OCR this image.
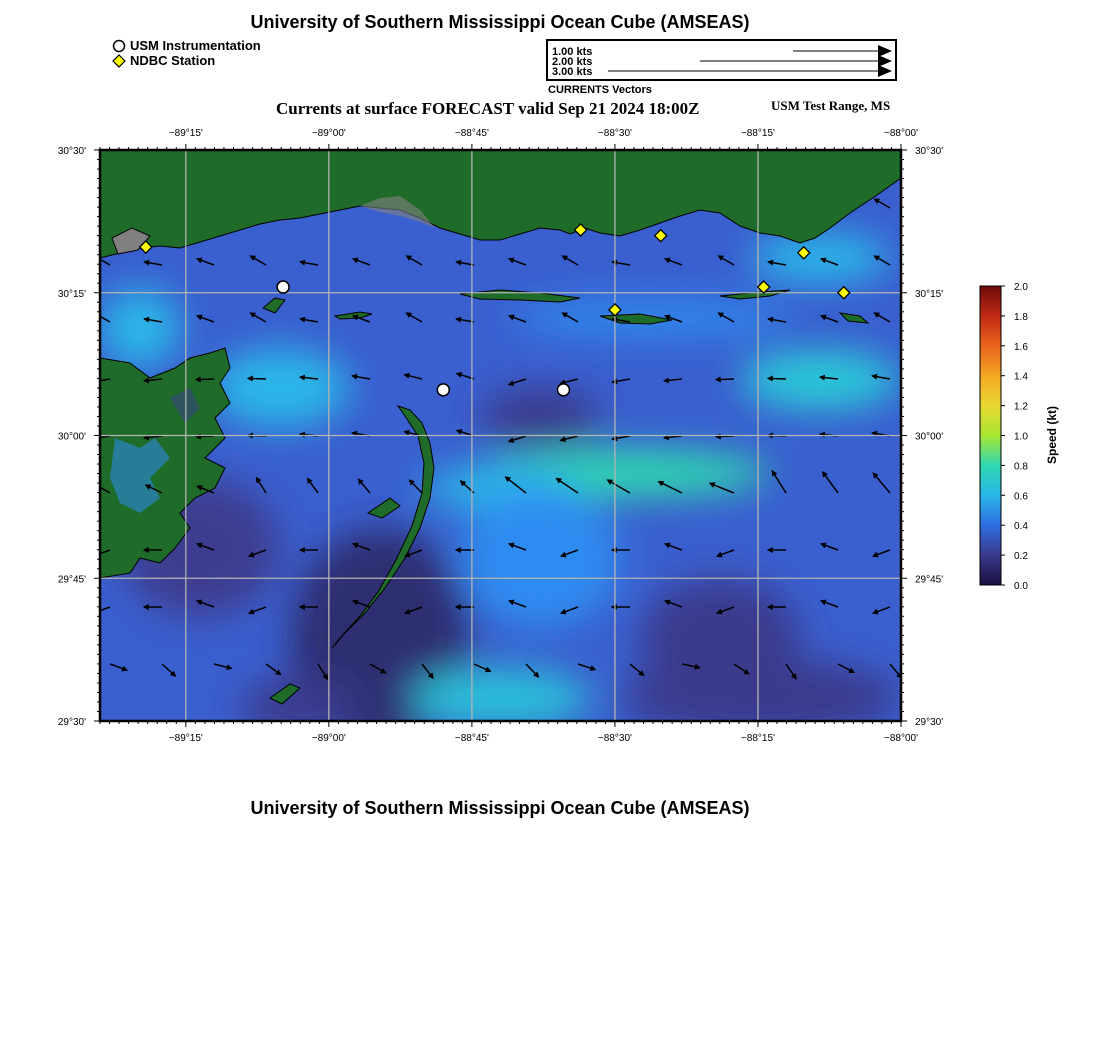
University of Southern Mississippi Ocean Cube (AMSEAS)
USM Instrumentation
NDBC Station
1.00 kts
2.00 kts
3.00 kts
CURRENTS Vectors
Currents at surface FORECAST valid Sep 21 2024 18:00Z	USM Test Range, MS
−89°15'
−89°15'
−89°00'
−89°00'
−88°45'
−88°45'
−88°30'
−88°30'
−88°15'
−88°15'
−88°00'
−88°00'
30°30'	30°30'
30°15'	30°15'
30°00'	30°00'
29°45'	29°45'
29°30'	29°30'
2.0
1.8
1.6
1.4
1.2
1.0
0.8
0.6
0.4
0.2
0.0
Speed (kt)
University of Southern Mississippi Ocean Cube (AMSEAS)
